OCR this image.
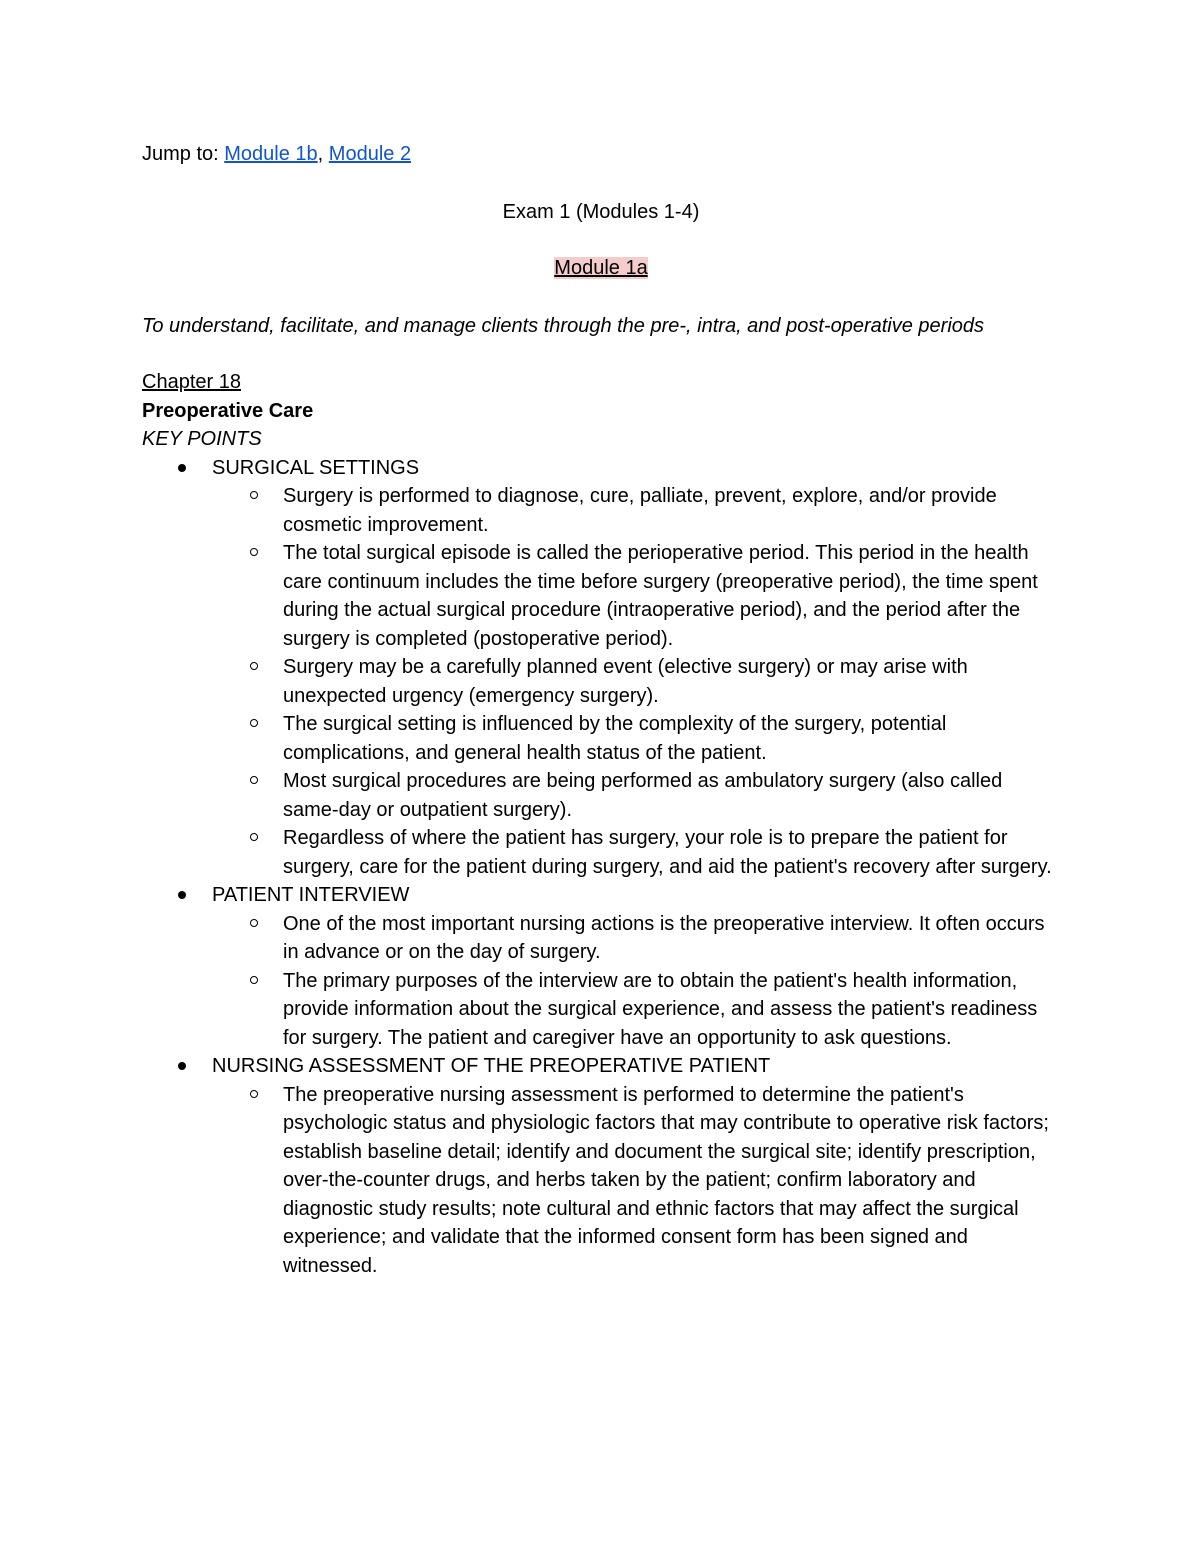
Jump to: Module 1b, Module 2

Exam 1 (Modules 1-4)

Module 1a

To understand, facilitate, and manage clients through the pre-, intra, and post-operative periods

Chapter 18

Preoperative Care

KEY POINTS

SURGICAL SETTINGS
Surgery is performed to diagnose, cure, palliate, prevent, explore, and/or provide cosmetic improvement.
The total surgical episode is called the perioperative period. This period in the health care continuum includes the time before surgery (preoperative period), the time spent during the actual surgical procedure (intraoperative period), and the period after the surgery is completed (postoperative period).
Surgery may be a carefully planned event (elective surgery) or may arise with unexpected urgency (emergency surgery).
The surgical setting is influenced by the complexity of the surgery, potential complications, and general health status of the patient.
Most surgical procedures are being performed as ambulatory surgery (also called same-day or outpatient surgery).
Regardless of where the patient has surgery, your role is to prepare the patient for surgery, care for the patient during surgery, and aid the patient's recovery after surgery.
PATIENT INTERVIEW
One of the most important nursing actions is the preoperative interview. It often occurs in advance or on the day of surgery.
The primary purposes of the interview are to obtain the patient's health information, provide information about the surgical experience, and assess the patient's readiness for surgery. The patient and caregiver have an opportunity to ask questions.
NURSING ASSESSMENT OF THE PREOPERATIVE PATIENT
The preoperative nursing assessment is performed to determine the patient's psychologic status and physiologic factors that may contribute to operative risk factors; establish baseline detail; identify and document the surgical site; identify prescription, over-the-counter drugs, and herbs taken by the patient; confirm laboratory and diagnostic study results; note cultural and ethnic factors that may affect the surgical experience; and validate that the informed consent form has been signed and witnessed.
